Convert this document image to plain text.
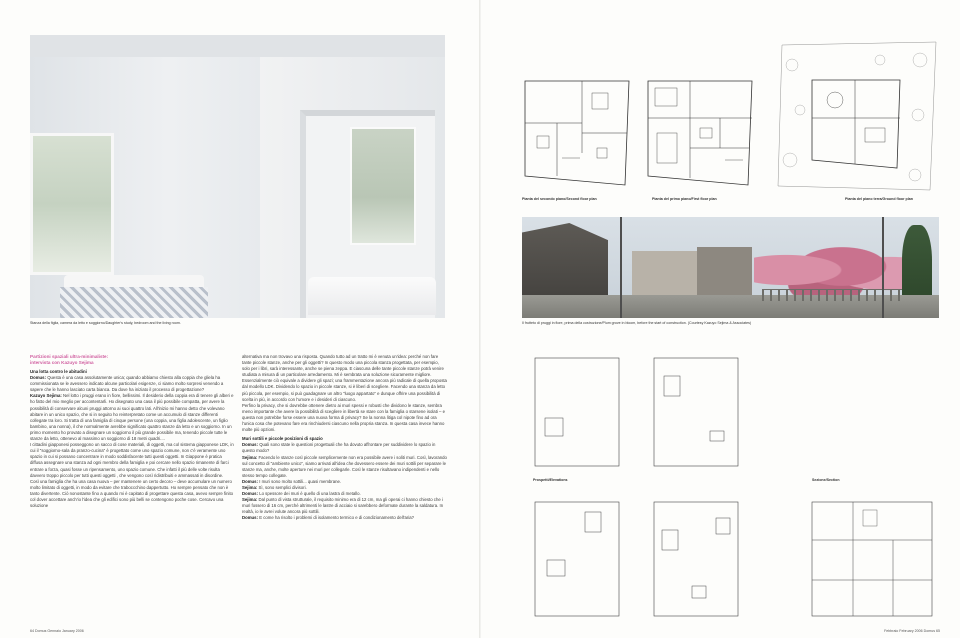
Stanza della figlia, camera da letto e soggiorno/Daughter's study, bedroom and the living room.
Partizioni spaziali ultra-minimaliste:
intervista con Kazuyo Sejima

Una lotta contro le abitudini

Domus: Questa è una casa assolutamente unica; quando abbiamo chiesto alla coppia che gliela ha commissionata se le avessero indicato alcune particolari esigenze, ci siamo molto sorpresi venendo a sapere che le hanno lasciato carta bianca. Da dove ha iniziato il processo di progettazione?

Kazuyo Sejima: Nel lotto i pruggi erano in fiore, bellissimi. Il desiderio della coppia era di tenere gli alberi e ho fatto del mio meglio per accontentarli. Ho disegnato una casa il più possibile compatta, per avere la possibilità di conservare alcuni pruggi attorno ai suoi quattro lati. All'inizio mi hanno detto che volevano abitare in un unico spazio, che si in seguito ho reinterpretato come un accumulo di stanze differenti collegate tra loro. Si tratta di una famiglia di cinque persone (una coppia, una figlia adolescente, un figlio bambino, una nonna), il che normalmente avrebbe significato quattro stanze da letto e un soggiorno. In un primo momento ho provato a disegnare un soggiorno il più grande possibile ma, tenendo piccole tutte le stanze da letto, ottenevo al massimo un soggiorno di 18 metri quadri....

I cittadini giapponesi posseggono un sacco di cose materiali, di oggetti, ma col sistema giapponese LDK, in cui il "soggiorno-sala da pranzo-cucina" è progettato come uno spazio comune, non c'è veramente uno spazio in cui si possano concentrare in modo soddisfacente tutti questi oggetti. In Giappone è pratica diffusa assegnare una stanza ad ogni membro della famiglia e poi cercare nello spazio rimanente di farci entrare a forza, quasi fosse un ripensamento, uno spazio comune. Che infatti il più delle volte risulta davvero troppo piccolo per tutti questi oggetti , che vengono così ridistribuiti e ammassati in disordine.

Così una famiglia che ha una casa nuova – per mantenere un certo decoro – deve accumulare un numero molto limitato di oggetti, in modo da evitare che traboccchino dappertutto. Ho sempre pensato che non è tanto divertente. Ciò nonostante fino a quando mi è capitato di progettare questa casa, avevo sempre finito col dover accettare anch'io l'idea che gli edifici sono più belli se contengono poche cose. Cercavo una soluzione

alternativa ma non trovavo una risposta. Quando tutto ad un tratto mi è venuta un'idea: perché non fare tante piccole stanze, anche per gli oggetti? In questo modo una piccola stanza progettata, per esempio, solo per i libri, sarà interessante, anche se piena zeppa. E ciascuna delle tante piccole stanze potrà venire studiata a misura di un particolare arredamento. Mi è sembrata una soluzione sicuramente migliore. Essenzialmente ciò equivale a dividere gli spazi; una frammentazione ancora più radicale di quella proposta dal modello LDK. Dividendo lo spazio in piccole stanze, si è liberi di scegliere. Facendo una stanza da letto più piccola, per esempio, si può guadagnare un altro "luogo appartato" e dunque offrire una possibilità di scelta in più, in accordo con l'umore e i desideri di ciascuno.

Perfino la privacy, che si dovrebbe ottenere dietro ai muri spessi e robusti che dividono le stanze, sembra meno importante che avere la possibilità di scegliere in libertà se stare con la famiglia o starsene isolati – e questa non potrebbe forse essere una nuova forma di privacy? Se la nonna litiga col nipote fino ad ora l'unica cosa che potevano fare era rinchiudersi ciascuno nella propria stanza. In questa casa invece hanno molte più opzioni.

Muri sottili e piccole posizioni di spazio

Domus: Quali sono state le questioni progettuali che ha dovuto affrontare per suddividere lo spazio in questo modo?

Sejima: Facendo le stanze così piccole semplicemente non era possibile avere i soliti muri. Così, lavorando sul concetto di "ambiente unico", siamo arrivati all'idea che dovessero essere dei muri sottili per separare le stanze ma, anche, molte aperture nei muri per collegarle. Così le stanze risultavano indipendenti e nello stesso tempo collegate.

Domus: I muri sono molto sottili... quasi membrane.

Sejima: Sì, sono semplici divisori.

Domus: Lo spessore dei muri è quello di una lastra di metallo.

Sejima: Dal punto di vista strutturale, il requisito minimo era di 12 cm, ma gli operai ci hanno chiesto che i muri fossero di 16 cm, perché altrimenti le lastre di acciaio si sarebbero deformate durante la saldatura. In realtà, io le avrei volute ancora più sottili.

Domus: E come ha risolto i problemi di isolamento termico e di condizionamento dell'aria?

64 Domus Gennaio January 2006
Pianta del secondo piano/Second floor plan	Pianta del primo piano/First floor plan	Pianta del piano terra/Ground floor plan
Il frutteto di pruggi in fiore, prima della costruzione/Plum grove in bloom, before the start of construction. (Courtesy Kazuyo Sejima & Associates)
Prospetti/Elevations	Sezione/Section
Febbraio February 2006 Domus 65
